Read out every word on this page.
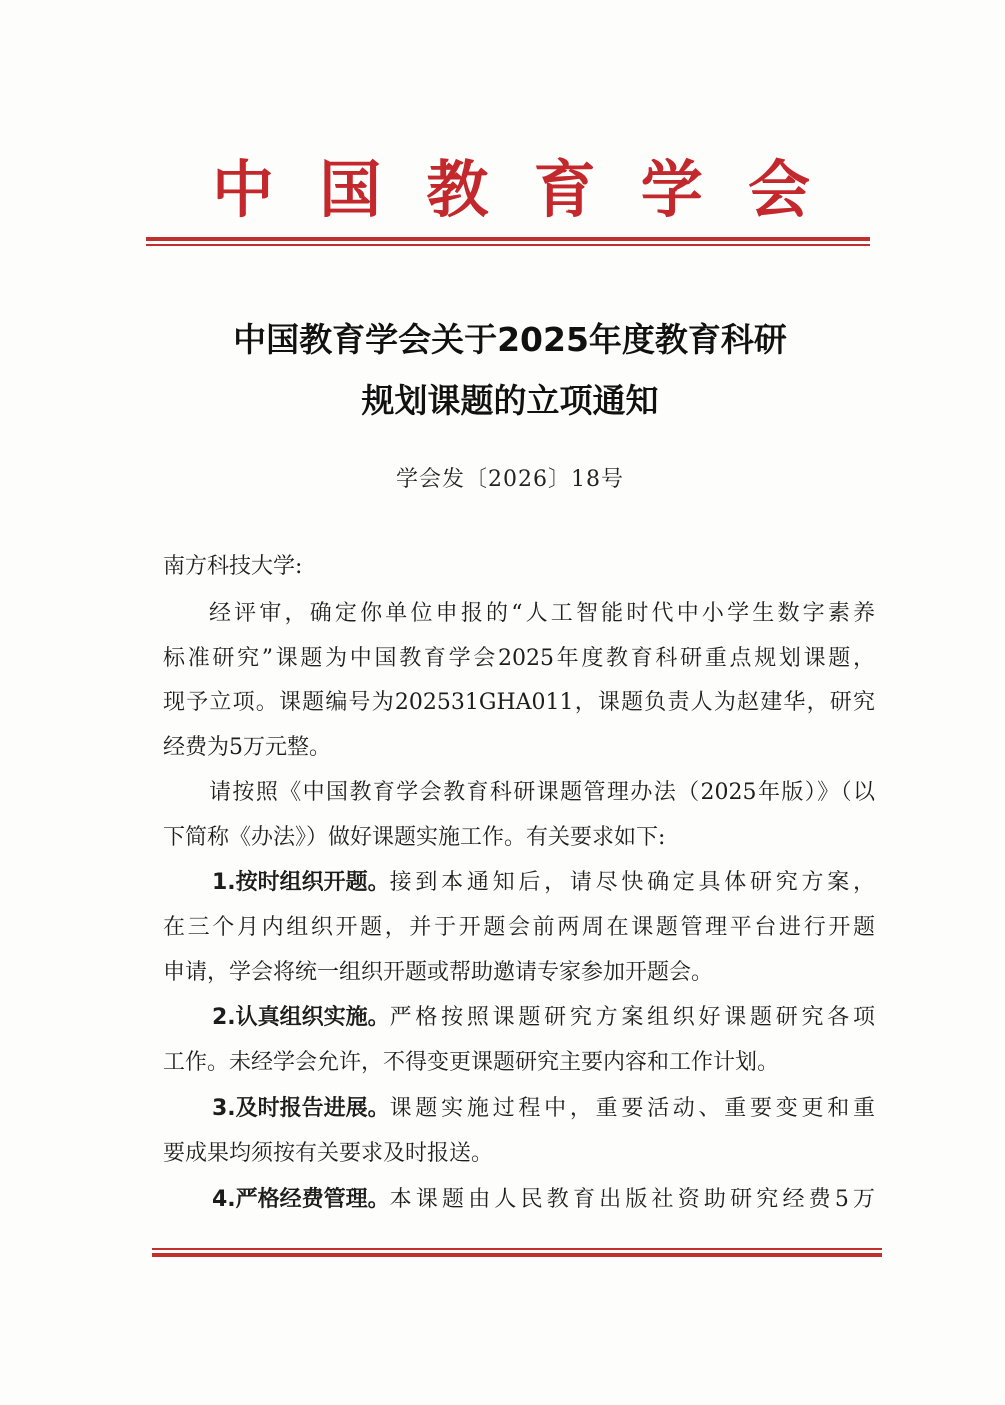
中 国 教 育 学 会
中国教育学会关于2025年度教育科研
规划课题的立项通知
学会发〔2026〕18号
南方科技大学:
经评审，确定你单位申报的“人工智能时代中小学生数字素养
标准研究”课题为中国教育学会2025年度教育科研重点规划课题，
现予立项。课题编号为202531GHA011，课题负责人为赵建华，研究
经费为5万元整。
请按照《中国教育学会教育科研课题管理办法（2025年版）》（以
下简称《办法》）做好课题实施工作。有关要求如下:
1.按时组织开题。 接到本通知后，请尽快确定具体研究方案，
在三个月内组织开题，并于开题会前两周在课题管理平台进行开题
申请，学会将统一组织开题或帮助邀请专家参加开题会。
2.认真组织实施。 严格按照课题研究方案组织好课题研究各项
工作。未经学会允许，不得变更课题研究主要内容和工作计划。
3.及时报告进展。 课题实施过程中，重要活动、重要变更和重
要成果均须按有关要求及时报送。
4.严格经费管理。 本课题由人民教育出版社资助研究经费5万
